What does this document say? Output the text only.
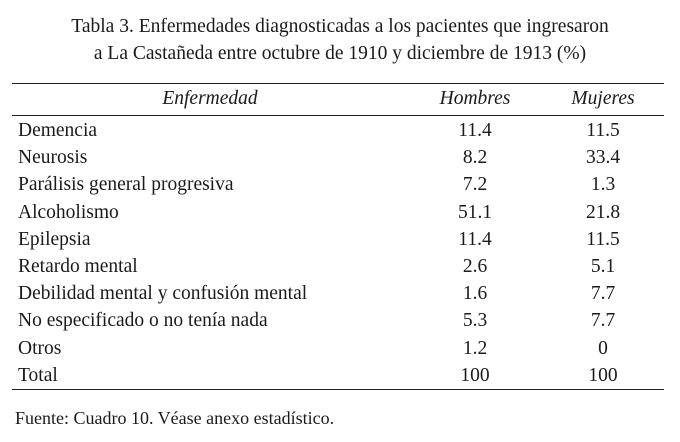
Tabla 3. Enfermedades diagnosticadas a los pacientes que ingresaron
a La Castañeda entre octubre de 1910 y diciembre de 1913 (%)
Enfermedad	Hombres	Mujeres
Demencia	11.4	11.5
Neurosis	8.2	33.4
Parálisis general progresiva	7.2	1.3
Alcoholismo	51.1	21.8
Epilepsia	11.4	11.5
Retardo mental	2.6	5.1
Debilidad mental y confusión mental	1.6	7.7
No especificado o no tenía nada	5.3	7.7
Otros	1.2	0
Total	100	100
Fuente: Cuadro 10. Véase anexo estadístico.
